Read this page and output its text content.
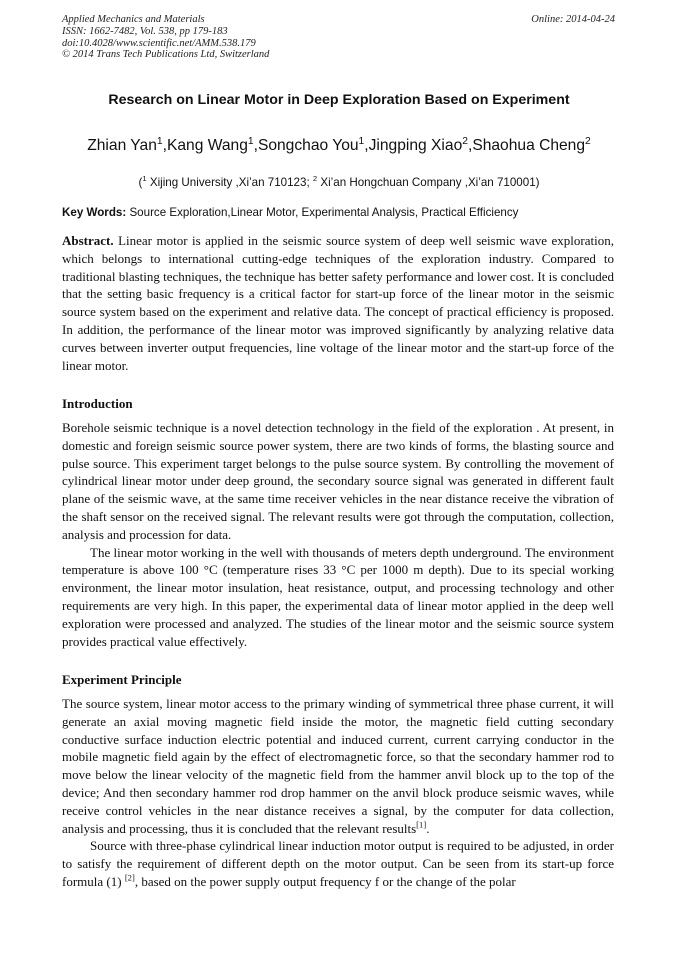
Applied Mechanics and Materials
ISSN: 1662-7482, Vol. 538, pp 179-183
doi:10.4028/www.scientific.net/AMM.538.179
© 2014 Trans Tech Publications Ltd, Switzerland
Online: 2014-04-24
Research on Linear Motor in Deep Exploration Based on Experiment
Zhian Yan$^1$,Kang Wang$^1$,Songchao You$^1$,Jingping Xiao$^2$,Shaohua Cheng$^2$
($^1$ Xijing University ,Xi’an 710123; $^2$ Xi’an Hongchuan Company ,Xi’an 710001)
Key Words: Source Exploration,Linear Motor, Experimental Analysis, Practical Efficiency

Abstract. Linear motor is applied in the seismic source system of deep well seismic wave exploration, which belongs to international cutting-edge techniques of the exploration industry. Compared to traditional blasting techniques, the technique has better safety performance and lower cost. It is concluded that the setting basic frequency is a critical factor for start-up force of the linear motor in the seismic source system based on the experiment and relative data. The concept of practical efficiency is proposed. In addition, the performance of the linear motor was improved significantly by analyzing relative data curves between inverter output frequencies, line voltage of the linear motor and the start-up force of the linear motor.

Introduction

Borehole seismic technique is a novel detection technology in the field of the exploration . At present, in domestic and foreign seismic source power system, there are two kinds of forms, the blasting source and pulse source. This experiment target belongs to the pulse source system. By controlling the movement of cylindrical linear motor under deep ground, the secondary source signal was generated in different fault plane of the seismic wave, at the same time receiver vehicles in the near distance receive the vibration of the shaft sensor on the received signal. The relevant results were got through the computation, collection, analysis and procession for data.

The linear motor working in the well with thousands of meters depth underground. The environment temperature is above 100 °C (temperature rises 33 °C per 1000 m depth). Due to its special working environment, the linear motor insulation, heat resistance, output, and processing technology and other requirements are very high. In this paper, the experimental data of linear motor applied in the deep well exploration were processed and analyzed. The studies of the linear motor and the seismic source system provides practical value effectively.

Experiment Principle

The source system, linear motor access to the primary winding of symmetrical three phase current, it will generate an axial moving magnetic field inside the motor, the magnetic field cutting secondary conductive surface induction electric potential and induced current, current carrying conductor in the mobile magnetic field again by the effect of electromagnetic force, so that the secondary hammer rod to move below the linear velocity of the magnetic field from the hammer anvil block up to the top of the device; And then secondary hammer rod drop hammer on the anvil block produce seismic waves, while receive control vehicles in the near distance receives a signal, by the computer for data collection, analysis and processing, thus it is concluded that the relevant results[1].

Source with three-phase cylindrical linear induction motor output is required to be adjusted, in order to satisfy the requirement of different depth on the motor output. Can be seen from its start-up force formula (1) [2], based on the power supply output frequency f or the change of the polar
